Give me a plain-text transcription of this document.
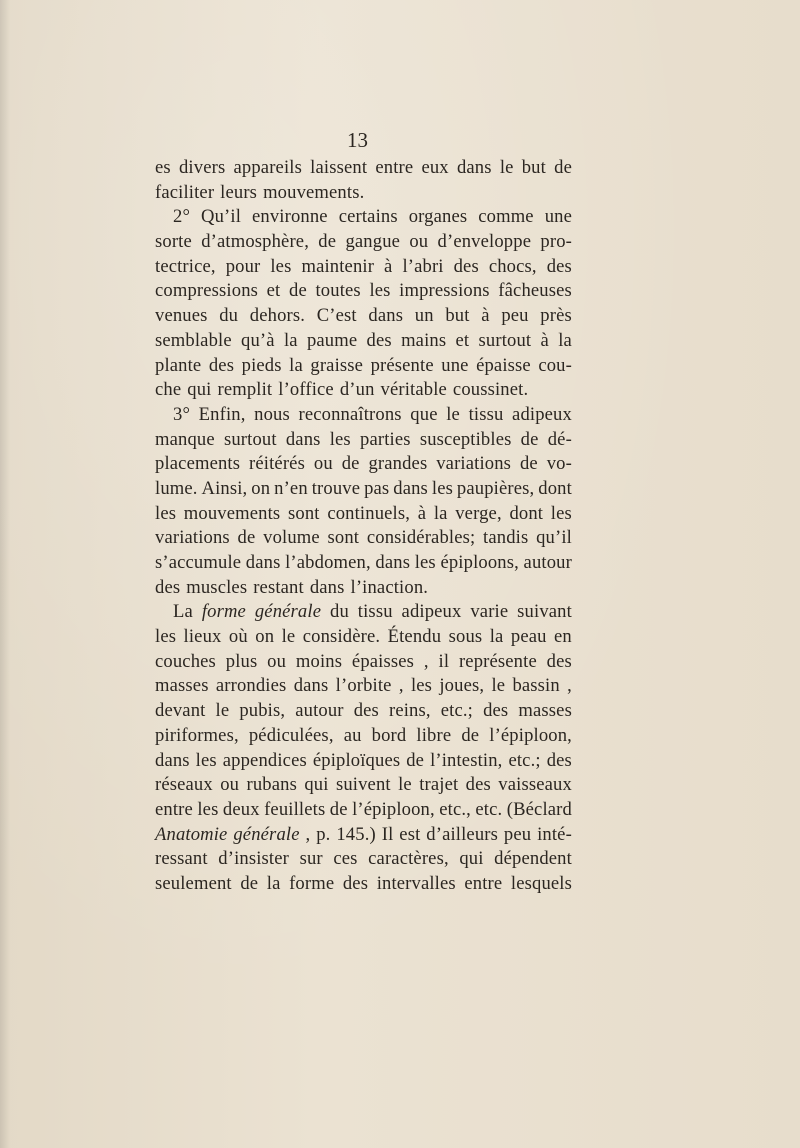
13
es divers appareils laissent entre eux dans le but de
faciliter leurs mouvements.
2° Qu’il environne certains organes comme une
sorte d’atmosphère, de gangue ou d’enveloppe pro-
tectrice, pour les maintenir à l’abri des chocs, des
compressions et de toutes les impressions fâcheuses
venues du dehors. C’est dans un but à peu près
semblable qu’à la paume des mains et surtout à la
plante des pieds la graisse présente une épaisse cou-
che qui remplit l’office d’un véritable coussinet.
3° Enfin, nous reconnaîtrons que le tissu adipeux
manque surtout dans les parties susceptibles de dé-
placements réitérés ou de grandes variations de vo-
lume. Ainsi, on n’en trouve pas dans les paupières, dont
les mouvements sont continuels, à la verge, dont les
variations de volume sont considérables; tandis qu’il
s’accumule dans l’abdomen, dans les épiploons, autour
des muscles restant dans l’inaction.
La forme générale du tissu adipeux varie suivant
les lieux où on le considère. Étendu sous la peau en
couches plus ou moins épaisses , il représente des
masses arrondies dans l’orbite , les joues, le bassin ,
devant le pubis, autour des reins, etc.; des masses
piriformes, pédiculées, au bord libre de l’épiploon,
dans les appendices épiploïques de l’intestin, etc.; des
réseaux ou rubans qui suivent le trajet des vaisseaux
entre les deux feuillets de l’épiploon, etc., etc. (Béclard
Anatomie générale , p. 145.) Il est d’ailleurs peu inté-
ressant d’insister sur ces caractères, qui dépendent
seulement de la forme des intervalles entre lesquels
